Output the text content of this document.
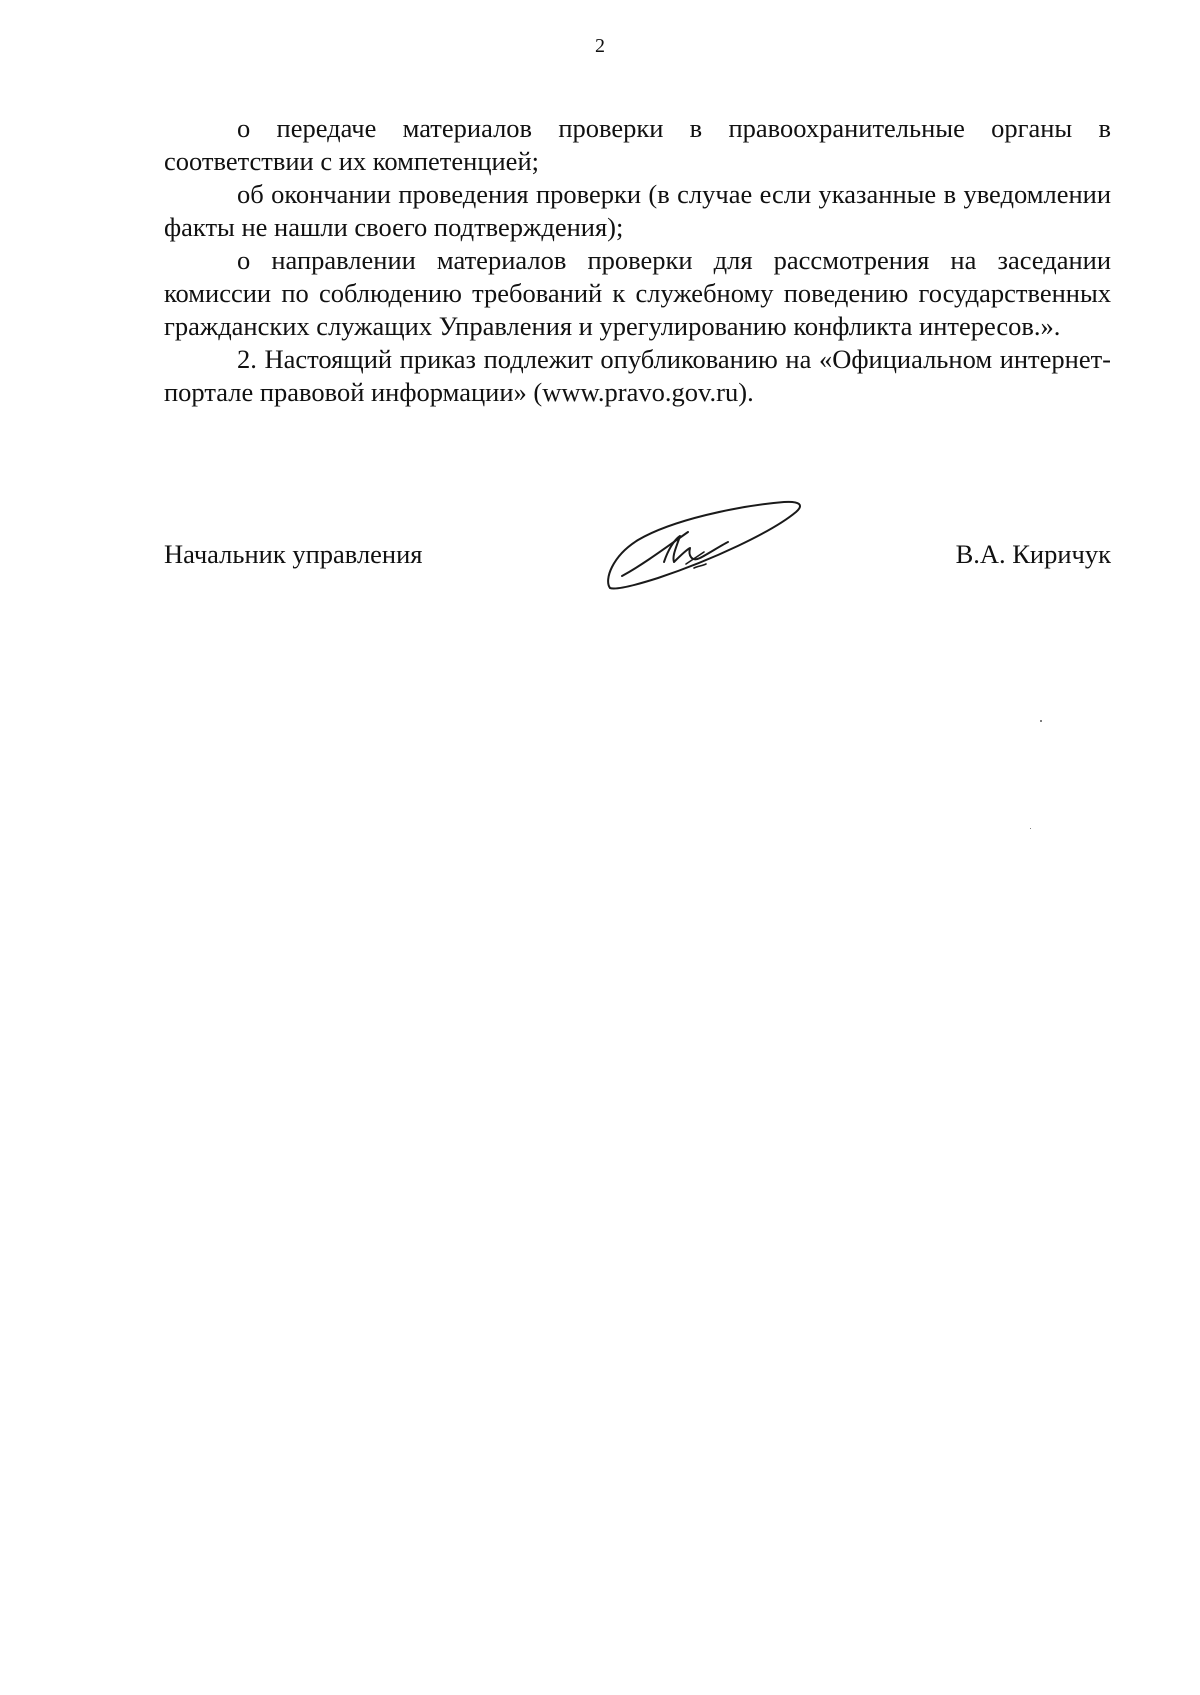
2

о передаче материалов проверки в правоохранительные органы в соответствии с их компетенцией;

об окончании проведения проверки (в случае если указанные в уведомлении факты не нашли своего подтверждения);

о направлении материалов проверки для рассмотрения на заседании комиссии по соблюдению требований к служебному поведению государственных гражданских служащих Управления и урегулированию конфликта интересов.».

2. Настоящий приказ подлежит опубликованию на «Официальном интернет-портале правовой информации» (www.pravo.gov.ru).

Начальник управления	В.А. Киричук
